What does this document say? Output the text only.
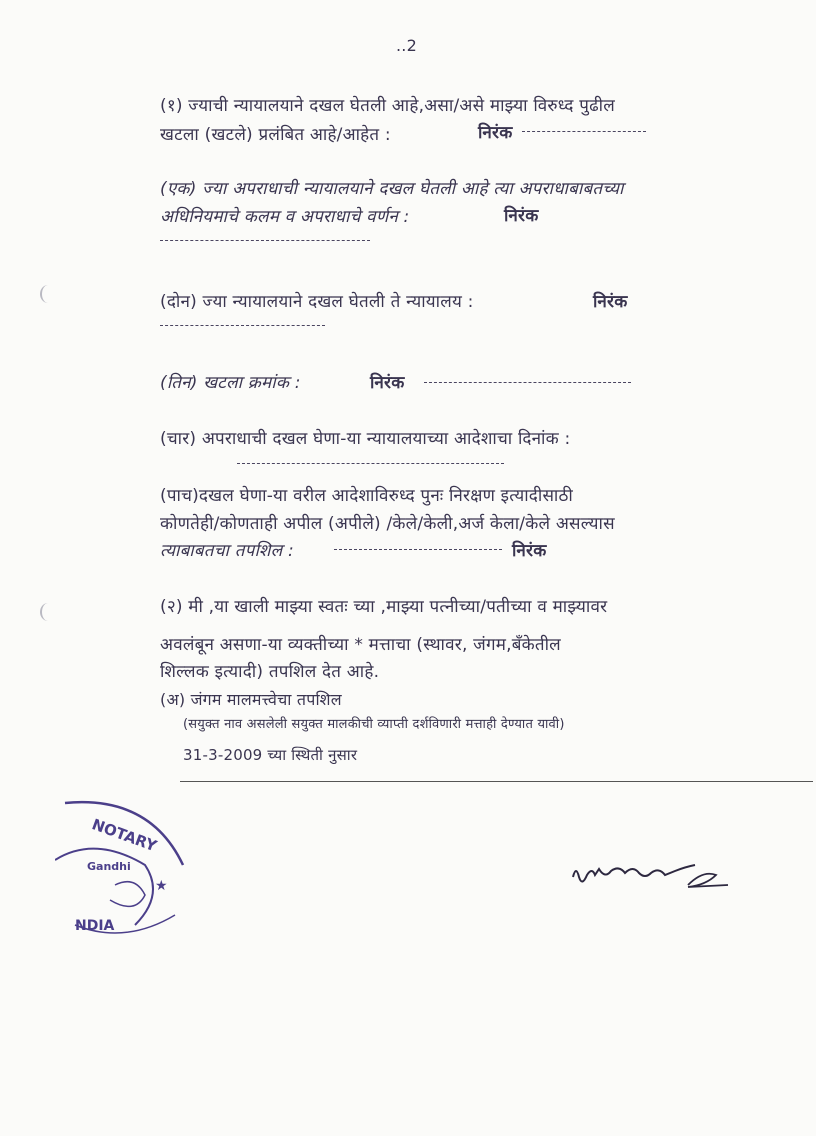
..2
(१) ज्याची न्यायालयाने दखल घेतली आहे,असा/असे माझ्या विरुध्द पुढील
खटला (खटले) प्रलंबित आहे/आहेत :	निरंक
(एक) ज्या अपराधाची न्यायालयाने दखल घेतली आहे त्या अपराधाबाबतच्या
अधिनियमाचे कलम व अपराधाचे वर्णन :	निरंक
(दोन) ज्या न्यायालयाने दखल घेतली ते न्यायालय :	निरंक
(तिन) खटला क्रमांक :	निरंक
(चार) अपराधाची दखल घेणा-या न्यायालयाच्या आदेशाचा दिनांक :
(पाच)दखल घेणा-या वरील आदेशाविरुध्द पुनः निरक्षण इत्यादीसाठी
कोणतेही/कोणताही अपील (अपीले) /केले/केली,अर्ज केला/केले असल्यास
त्याबाबतचा तपशिल :	निरंक
(२) मी ,या खाली माझ्या स्वतः च्या ,माझ्या पत्नीच्या/पतीच्या व माझ्यावर
अवलंबून असणा-या व्यक्तीच्या * मत्ताचा (स्थावर, जंगम,बॅंकेतील
शिल्लक इत्यादी) तपशिल देत आहे.
(अ) जंगम मालमत्त्वेचा तपशिल
(सयुक्त नाव असलेली सयुक्त मालकीची व्याप्ती दर्शविणारी मत्ताही देण्यात यावी)
31-3-2009 च्या स्थिती नुसार
NOTARY
Gandhi
NDIA
★
